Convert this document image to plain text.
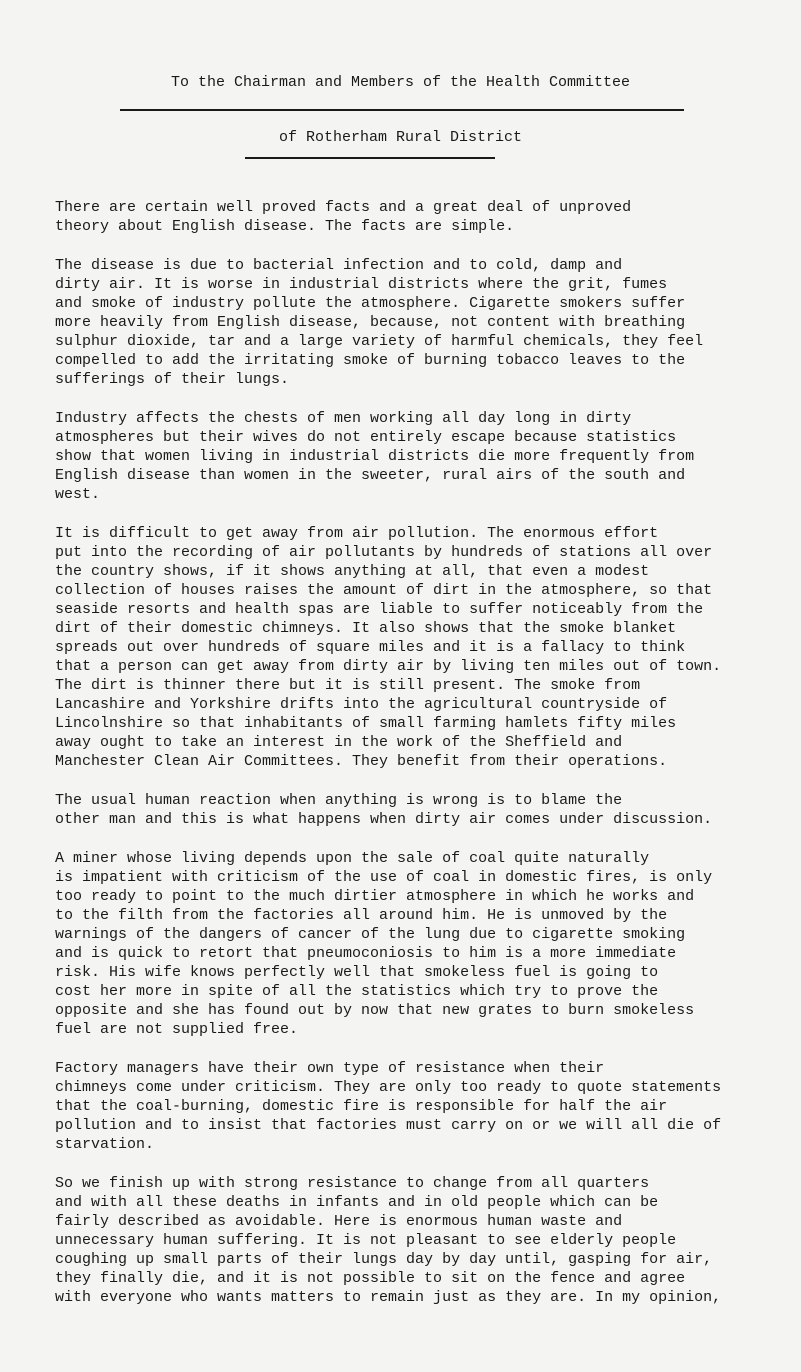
To the Chairman and Members of the Health Committee
of Rotherham Rural District
There are certain well proved facts and a great deal of unproved
theory about English disease. The facts are simple.
The disease is due to bacterial infection and to cold, damp and
dirty air. It is worse in industrial districts where the grit, fumes
and smoke of industry pollute the atmosphere. Cigarette smokers suffer
more heavily from English disease, because, not content with breathing
sulphur dioxide, tar and a large variety of harmful chemicals, they feel
compelled to add the irritating smoke of burning tobacco leaves to the
sufferings of their lungs.
Industry affects the chests of men working all day long in dirty
atmospheres but their wives do not entirely escape because statistics
show that women living in industrial districts die more frequently from
English disease than women in the sweeter, rural airs of the south and
west.
It is difficult to get away from air pollution. The enormous effort
put into the recording of air pollutants by hundreds of stations all over
the country shows, if it shows anything at all, that even a modest
collection of houses raises the amount of dirt in the atmosphere, so that
seaside resorts and health spas are liable to suffer noticeably from the
dirt of their domestic chimneys. It also shows that the smoke blanket
spreads out over hundreds of square miles and it is a fallacy to think
that a person can get away from dirty air by living ten miles out of town.
The dirt is thinner there but it is still present. The smoke from
Lancashire and Yorkshire drifts into the agricultural countryside of
Lincolnshire so that inhabitants of small farming hamlets fifty miles
away ought to take an interest in the work of the Sheffield and
Manchester Clean Air Committees. They benefit from their operations.
The usual human reaction when anything is wrong is to blame the
other man and this is what happens when dirty air comes under discussion.
A miner whose living depends upon the sale of coal quite naturally
is impatient with criticism of the use of coal in domestic fires, is only
too ready to point to the much dirtier atmosphere in which he works and
to the filth from the factories all around him. He is unmoved by the
warnings of the dangers of cancer of the lung due to cigarette smoking
and is quick to retort that pneumoconiosis to him is a more immediate
risk. His wife knows perfectly well that smokeless fuel is going to
cost her more in spite of all the statistics which try to prove the
opposite and she has found out by now that new grates to burn smokeless
fuel are not supplied free.
Factory managers have their own type of resistance when their
chimneys come under criticism. They are only too ready to quote statements
that the coal-burning, domestic fire is responsible for half the air
pollution and to insist that factories must carry on or we will all die of
starvation.
So we finish up with strong resistance to change from all quarters
and with all these deaths in infants and in old people which can be
fairly described as avoidable. Here is enormous human waste and
unnecessary human suffering. It is not pleasant to see elderly people
coughing up small parts of their lungs day by day until, gasping for air,
they finally die, and it is not possible to sit on the fence and agree
with everyone who wants matters to remain just as they are. In my opinion,
